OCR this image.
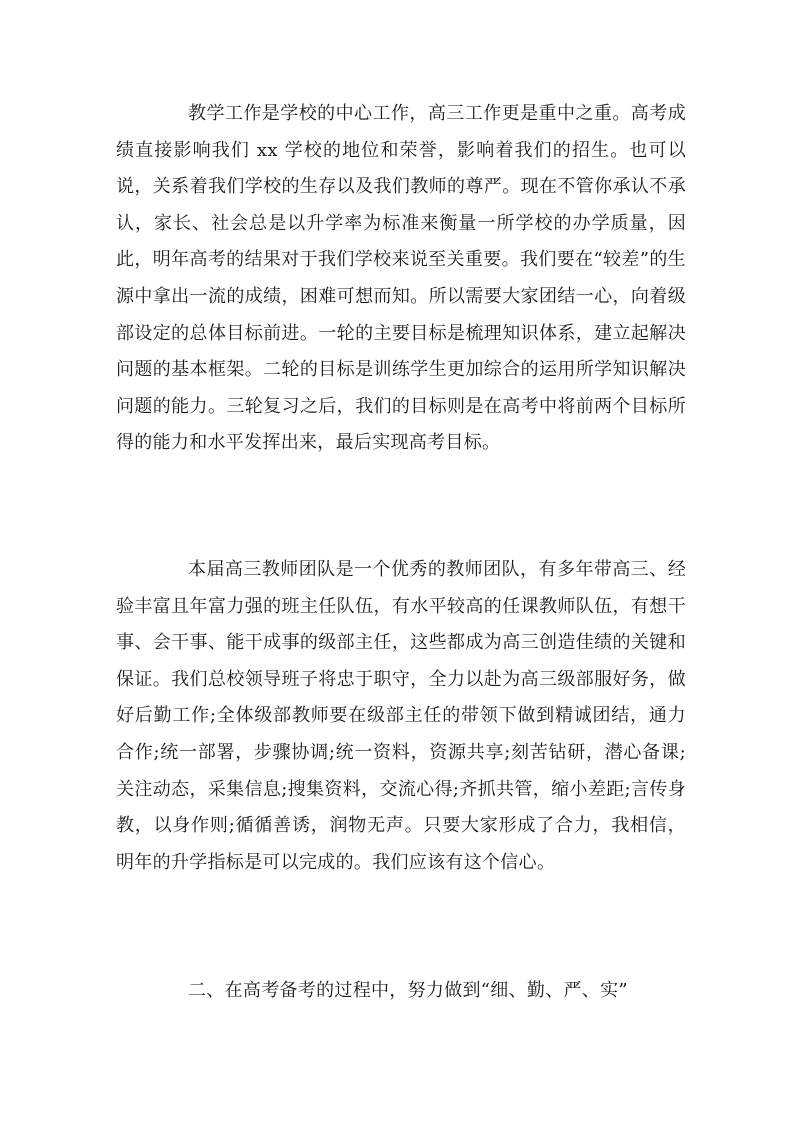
教学工作是学校的中心工作，高三工作更是重中之重。高考成绩直接影响我们 xx 学校的地位和荣誉，影响着我们的招生。也可以说，关系着我们学校的生存以及我们教师的尊严。现在不管你承认不承认，家长、社会总是以升学率为标准来衡量一所学校的办学质量，因此，明年高考的结果对于我们学校来说至关重要。我们要在“较差”的生源中拿出一流的成绩，困难可想而知。所以需要大家团结一心，向着级部设定的总体目标前进。一轮的主要目标是梳理知识体系，建立起解决问题的基本框架。二轮的目标是训练学生更加综合的运用所学知识解决问题的能力。三轮复习之后，我们的目标则是在高考中将前两个目标所得的能力和水平发挥出来，最后实现高考目标。

本届高三教师团队是一个优秀的教师团队，有多年带高三、经验丰富且年富力强的班主任队伍，有水平较高的任课教师队伍，有想干事、会干事、能干成事的级部主任，这些都成为高三创造佳绩的关键和保证。我们总校领导班子将忠于职守，全力以赴为高三级部服好务，做好后勤工作;全体级部教师要在级部主任的带领下做到精诚团结，通力合作;统一部署，步骤协调;统一资料，资源共享;刻苦钻研，潜心备课;关注动态，采集信息;搜集资料，交流心得;齐抓共管，缩小差距;言传身教，以身作则;循循善诱，润物无声。只要大家形成了合力，我相信，明年的升学指标是可以完成的。我们应该有这个信心。

二、在高考备考的过程中，努力做到“细、勤、严、实”
